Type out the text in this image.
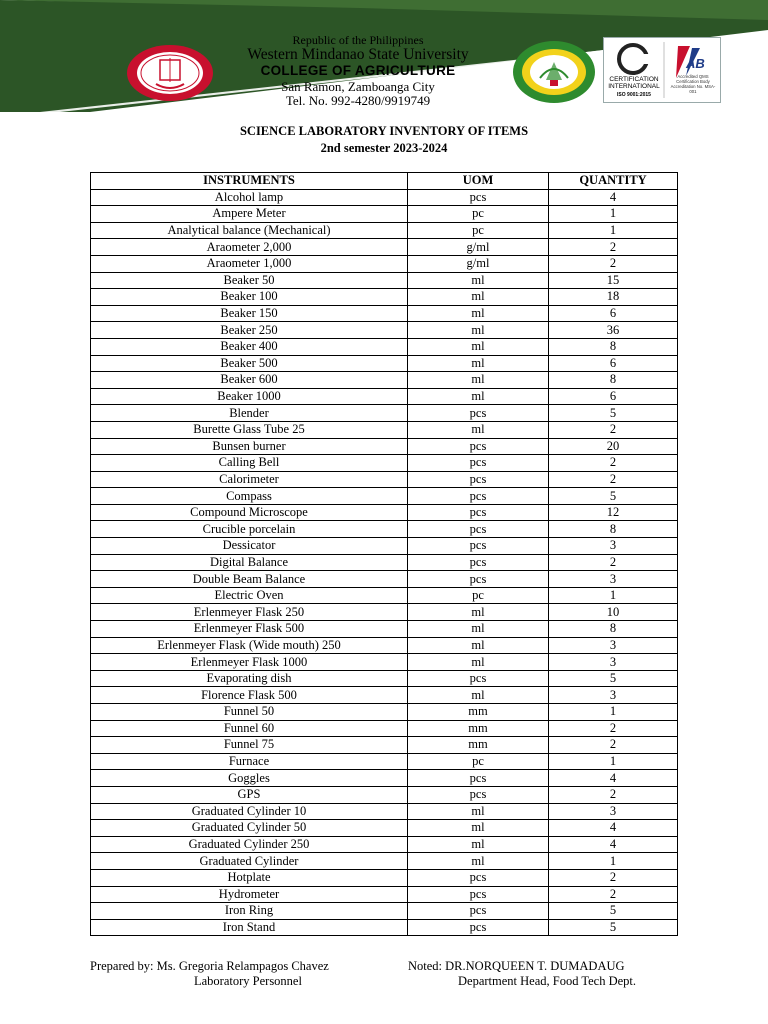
Republic of the Philippines
Western Mindanao State University
COLLEGE OF AGRICULTURE
San Ramon, Zamboanga City
Tel. No. 992-4280/9919749
CERTIFICATION INTERNATIONAL
ISO 9001:2015
AB
Accredited QMS Certification Body Accreditation No. MSA-001
SCIENCE LABORATORY INVENTORY OF ITEMS
2nd semester 2023-2024
INSTRUMENTS	UOM	QUANTITY
Alcohol lamp	pcs	4
Ampere Meter	pc	1
Analytical balance (Mechanical)	pc	1
Araometer 2,000	g/ml	2
Araometer 1,000	g/ml	2
Beaker 50	ml	15
Beaker 100	ml	18
Beaker 150	ml	6
Beaker 250	ml	36
Beaker 400	ml	8
Beaker 500	ml	6
Beaker 600	ml	8
Beaker 1000	ml	6
Blender	pcs	5
Burette Glass Tube 25	ml	2
Bunsen burner	pcs	20
Calling Bell	pcs	2
Calorimeter	pcs	2
Compass	pcs	5
Compound Microscope	pcs	12
Crucible porcelain	pcs	8
Dessicator	pcs	3
Digital Balance	pcs	2
Double Beam Balance	pcs	3
Electric Oven	pc	1
Erlenmeyer Flask 250	ml	10
Erlenmeyer Flask 500	ml	8
Erlenmeyer Flask (Wide mouth) 250	ml	3
Erlenmeyer Flask 1000	ml	3
Evaporating dish	pcs	5
Florence Flask 500	ml	3
Funnel 50	mm	1
Funnel 60	mm	2
Funnel 75	mm	2
Furnace	pc	1
Goggles	pcs	4
GPS	pcs	2
Graduated Cylinder 10	ml	3
Graduated Cylinder 50	ml	4
Graduated Cylinder 250	ml	4
Graduated Cylinder	ml	1
Hotplate	pcs	2
Hydrometer	pcs	2
Iron Ring	pcs	5
Iron Stand	pcs	5
Prepared by: Ms. Gregoria Relampagos Chavez
Laboratory Personnel
Noted: DR.NORQUEEN T. DUMADAUG
Department Head, Food Tech Dept.
